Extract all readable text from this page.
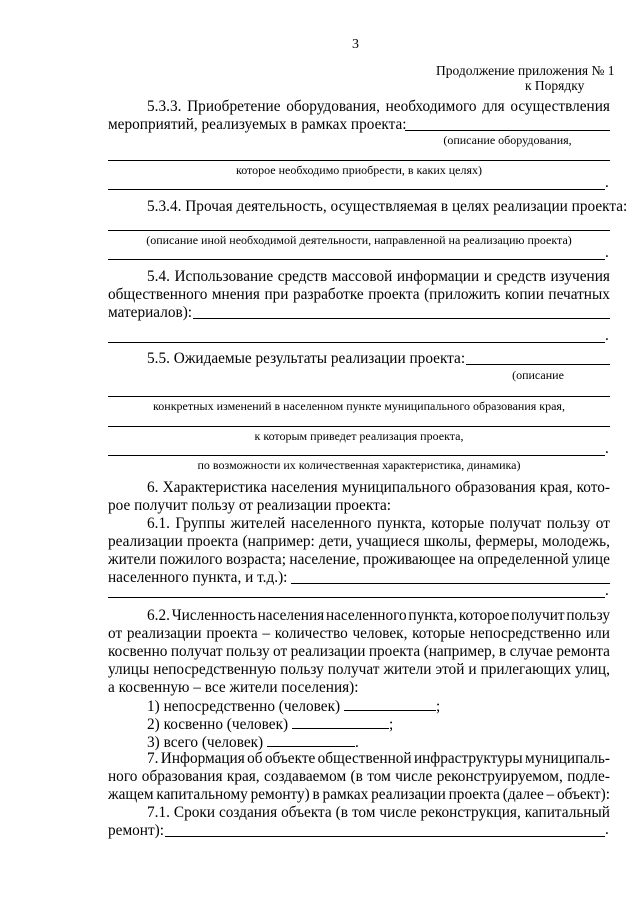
3
Продолжение приложения № 1
к Порядку
5.3.3. Приобретение оборудования, необходимого для осуществления
мероприятий, реализуемых в рамках проекта:
(описание оборудования,
которое необходимо приобрести, в каких целях)
.
5.3.4. Прочая деятельность, осуществляемая в целях реализации проекта:
(описание иной необходимой деятельности, направленной на реализацию проекта)
.
5.4. Использование средств массовой информации и средств изучения
общественного мнения при разработке проекта (приложить копии печатных
материалов):
.
5.5. Ожидаемые результаты реализации проекта:
(описание
конкретных изменений в населенном пункте муниципального образования края,
к которым приведет реализация проекта,
.
по возможности их количественная характеристика, динамика)
6. Характеристика населения муниципального образования края, кото-
рое получит пользу от реализации проекта:
6.1. Группы жителей населенного пункта, которые получат пользу от
реализации проекта (например: дети, учащиеся школы, фермеры, молодежь,
жители пожилого возраста; население, проживающее на определенной улице
населенного пункта, и т.д.):
.
6.2. Численность населения населенного пункта, которое получит пользу
от реализации проекта – количество человек, которые непосредственно или
косвенно получат пользу от реализации проекта (например, в случае ремонта
улицы непосредственную пользу получат жители этой и прилегающих улиц,
а косвенную – все жители поселения):
1) непосредственно (человек)	;
2) косвенно (человек)	;
3) всего (человек)	.
7. Информация об объекте общественной инфраструктуры муниципаль-
ного образования края, создаваемом (в том числе реконструируемом, подле-
жащем капитальному ремонту) в рамках реализации проекта (далее – объект):
7.1. Сроки создания объекта (в том числе реконструкция, капитальный
ремонт):	.
